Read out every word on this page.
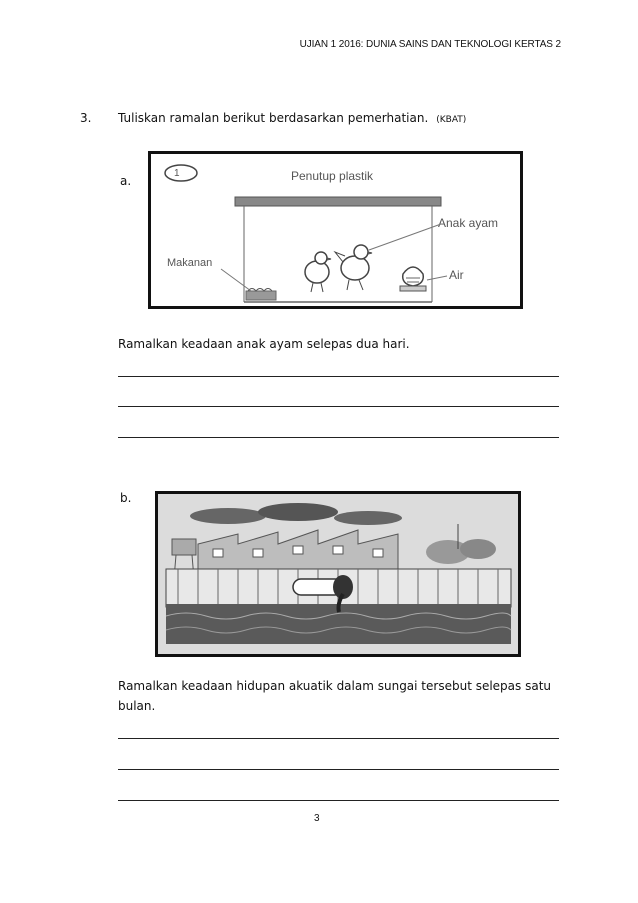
UJIAN 1 2016: DUNIA SAINS DAN TEKNOLOGI KERTAS 2
3. Tuliskan ramalan berikut berdasarkan pemerhatian. (KBAT)
a.
1	Penutup plastik
Makanan
Anak ayam
Air
Ramalkan keadaan anak ayam selepas dua hari.
b.
Ramalkan keadaan hidupan akuatik dalam sungai tersebut selepas satu bulan.
3
